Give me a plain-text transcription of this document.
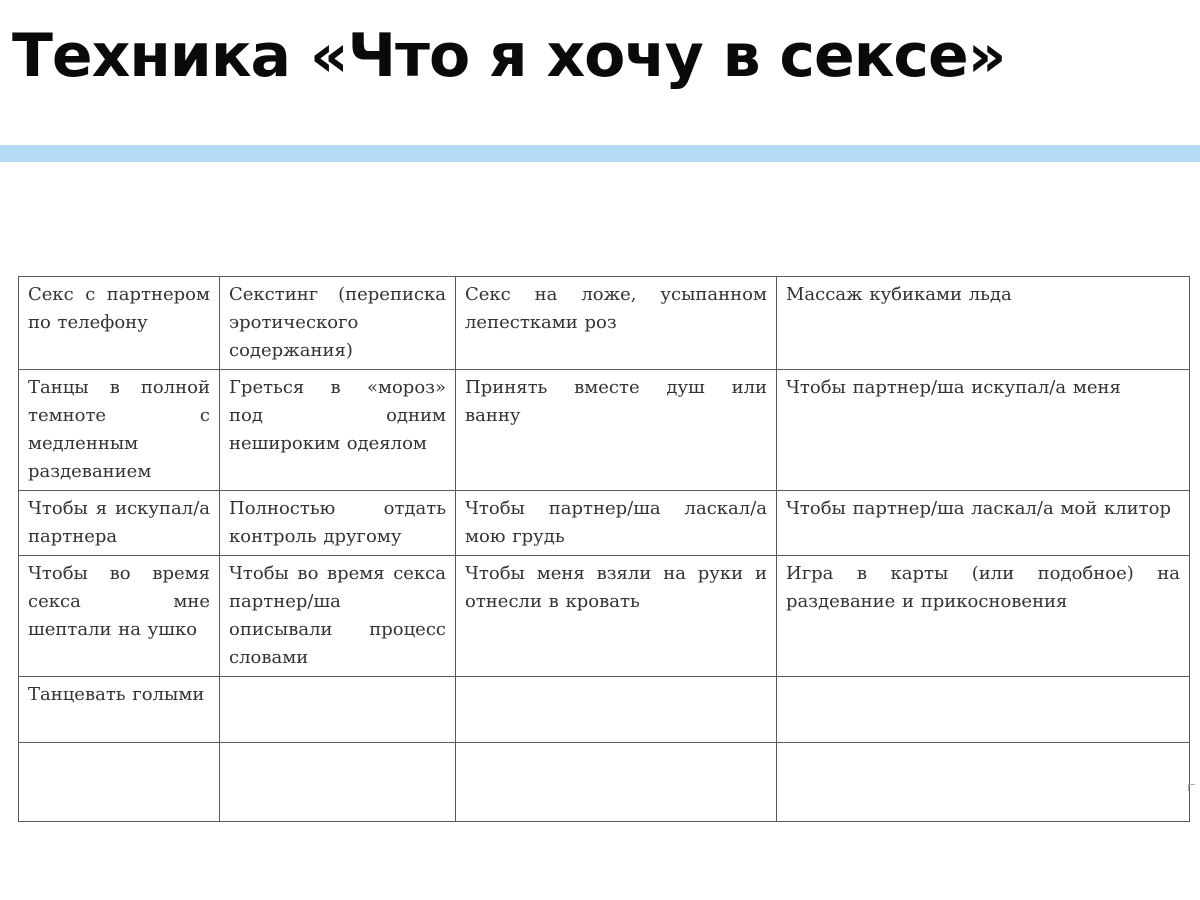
Техника «Что я хочу в сексе»
Секс с партнером по телефону	Секстинг (переписка эротического содержания)	Секс на ложе, усыпанном лепестками роз	Массаж кубиками льда
Танцы в полной темноте с медленным раздеванием	Греться в «мороз» под одним нешироким одеялом	Принять вместе душ или ванну	Чтобы партнер/ша искупал/а меня
Чтобы я искупал/а партнера	Полностью отдать контроль другому	Чтобы партнер/ша ласкал/а мою грудь	Чтобы партнер/ша ласкал/а мой клитор
Чтобы во время секса мне шептали на ушко	Чтобы во время секса партнер/ша описывали процесс словами	Чтобы меня взяли на руки и отнесли в кровать	Игра в карты (или подобное) на раздевание и прикосновения
Танцевать голыми			
